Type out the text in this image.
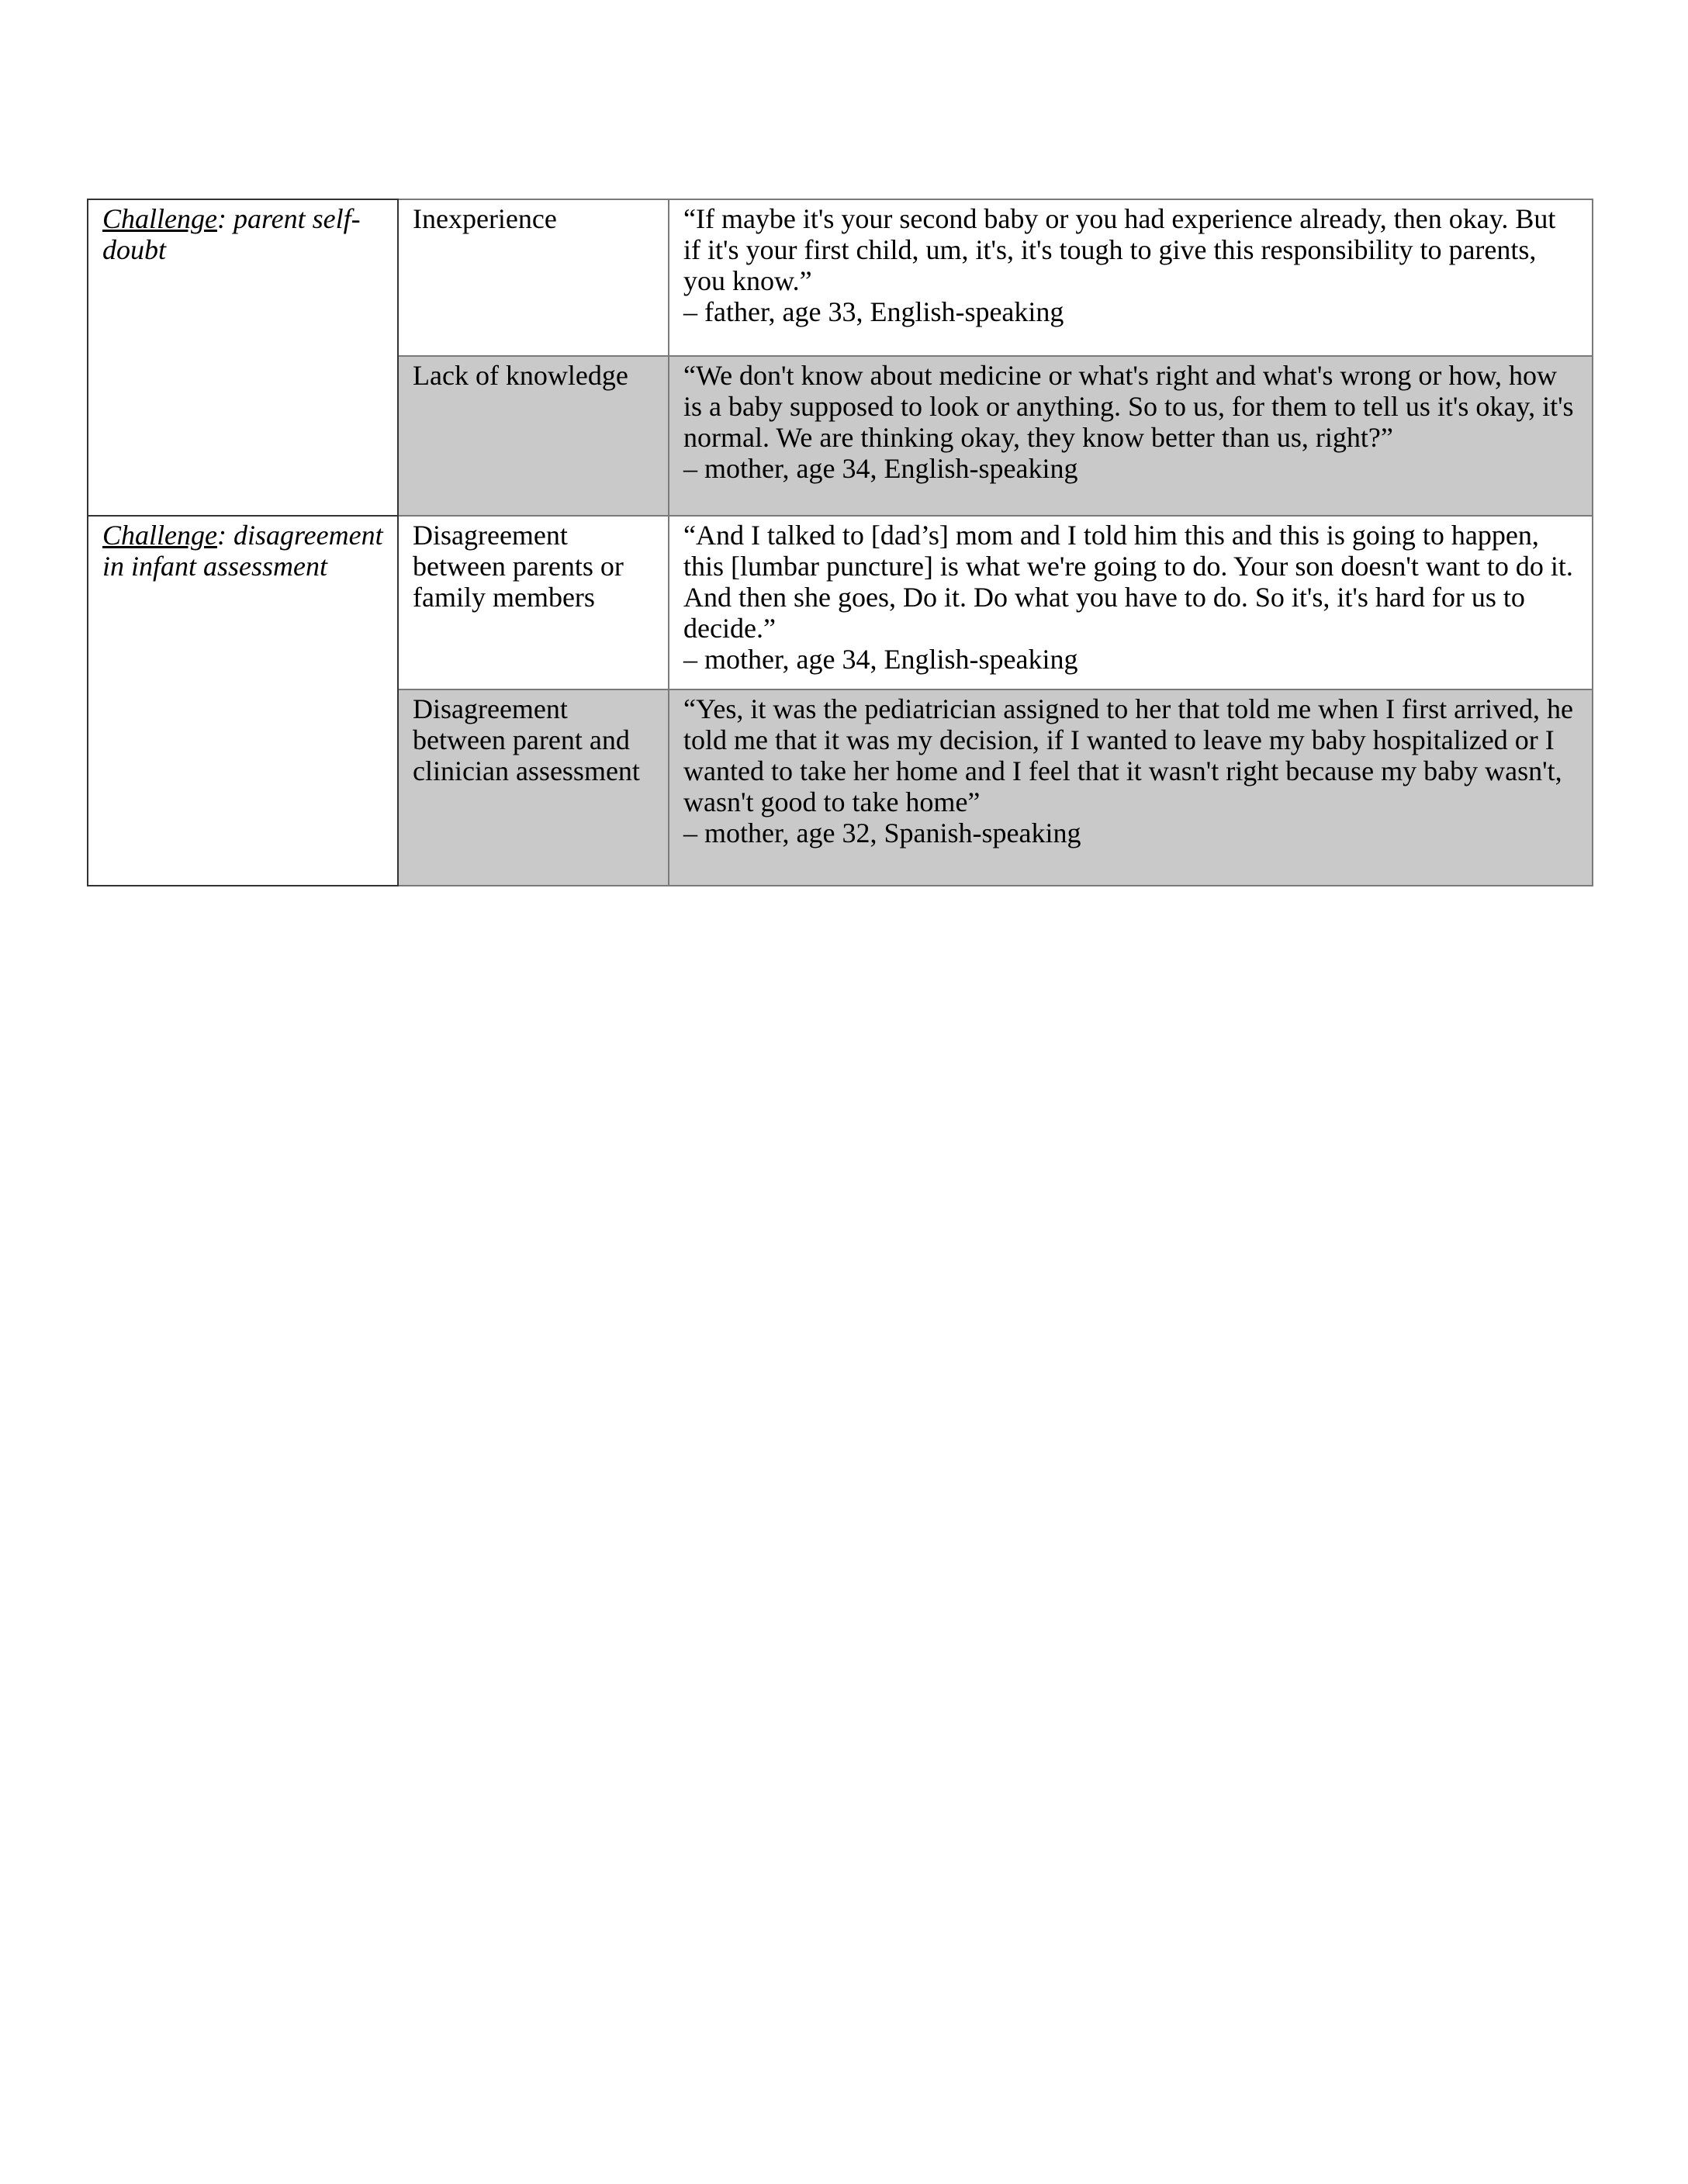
Challenge: parent self-doubt	Inexperience	“If maybe it's your second baby or you had experience already, then okay. But if it's your first child, um, it's, it's tough to give this responsibility to parents, you know.”
– father, age 33, English-speaking

	Lack of knowledge	“We don't know about medicine or what's right and what's wrong or how, how is a baby supposed to look or anything. So to us, for them to tell us it's okay, it's normal. We are thinking okay, they know better than us, right?”
– mother, age 34, English-speaking

Challenge: disagreement in infant assessment	Disagreement between parents or family members	“And I talked to [dad’s] mom and I told him this and this is going to happen, this [lumbar puncture] is what we're going to do. Your son doesn't want to do it. And then she goes, Do it. Do what you have to do. So it's, it's hard for us to decide.”
– mother, age 34, English-speaking

	Disagreement between parent and clinician assessment	“Yes, it was the pediatrician assigned to her that told me when I first arrived, he told me that it was my decision, if I wanted to leave my baby hospitalized or I wanted to take her home and I feel that it wasn't right because my baby wasn't, wasn't good to take home”
– mother, age 32, Spanish-speaking
